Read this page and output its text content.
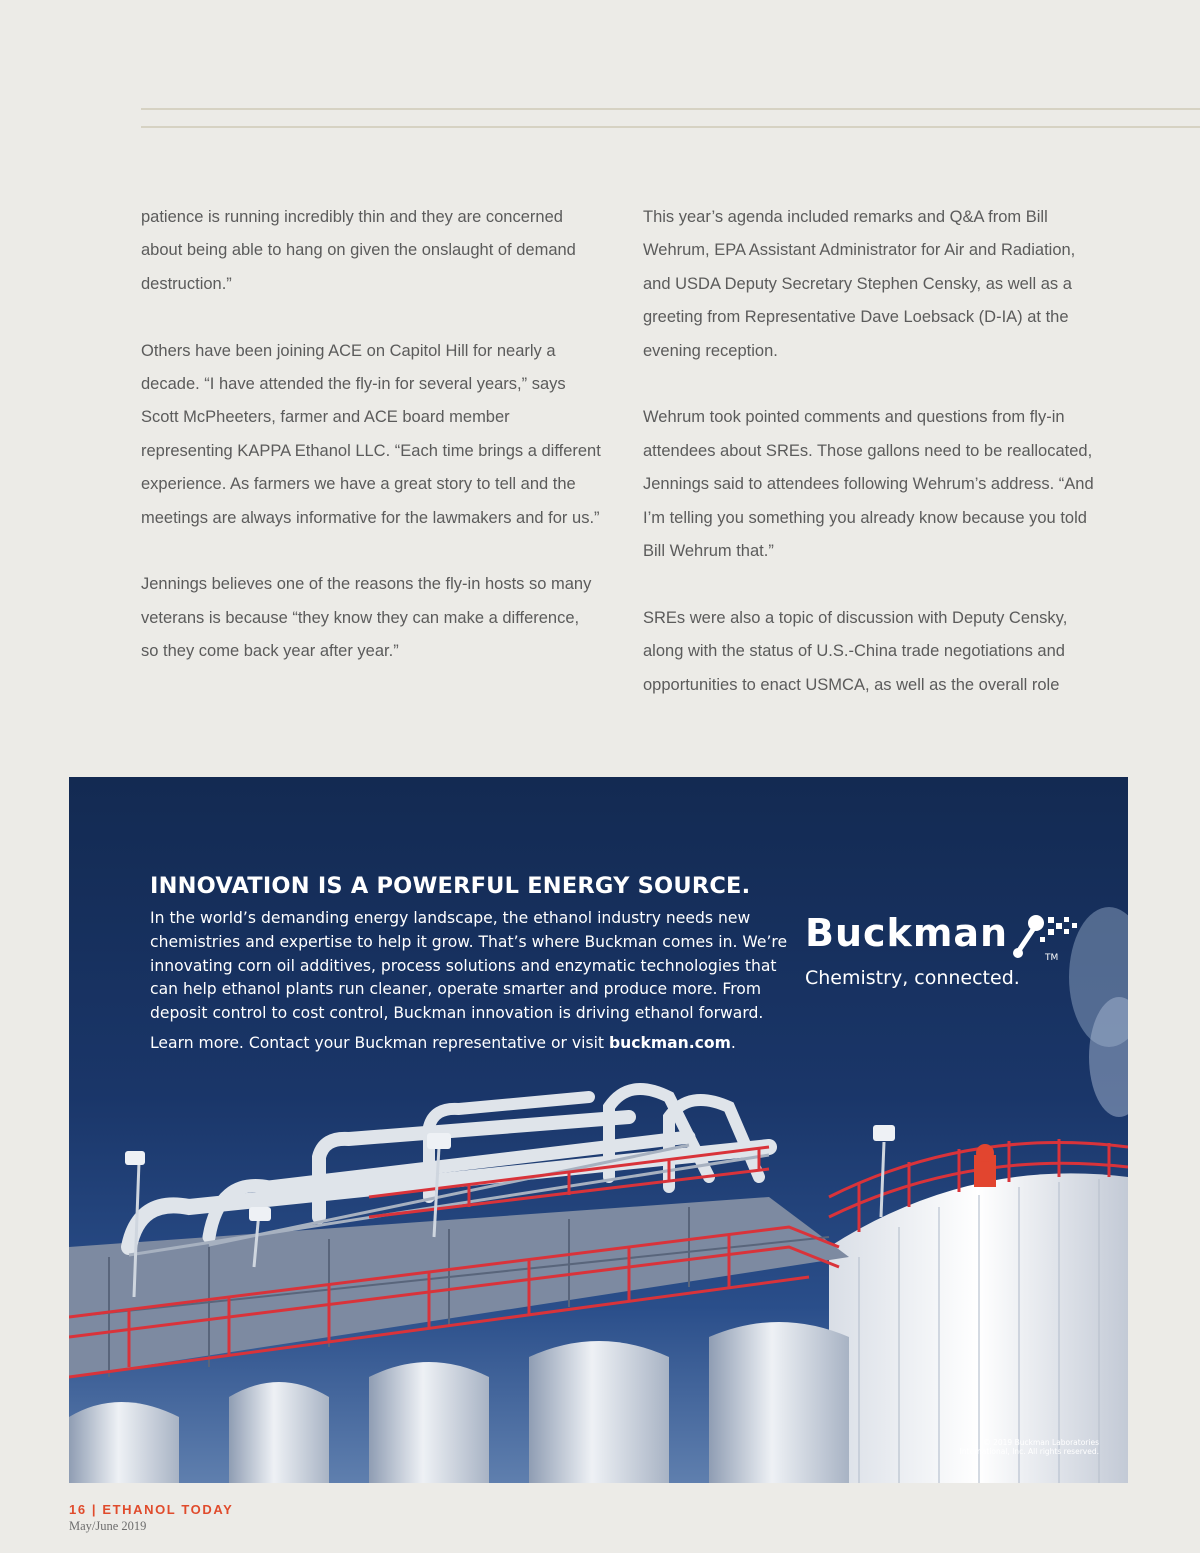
patience is running incredibly thin and they are concerned about being able to hang on given the onslaught of demand destruction.”

Others have been joining ACE on Capitol Hill for nearly a decade. “I have attended the fly-in for several years,” says Scott McPheeters, farmer and ACE board member representing KAPPA Ethanol LLC. “Each time brings a different experience. As farmers we have a great story to tell and the meetings are always informative for the lawmakers and for us.”

Jennings believes one of the reasons the fly-in hosts so many veterans is because “they know they can make a difference, so they come back year after year.”

This year’s agenda included remarks and Q&A from Bill Wehrum, EPA Assistant Administrator for Air and Radiation, and USDA Deputy Secretary Stephen Censky, as well as a greeting from Representative Dave Loebsack (D-IA) at the evening reception.

Wehrum took pointed comments and questions from fly-in attendees about SREs. Those gallons need to be reallocated, Jennings said to attendees following Wehrum’s address. “And I’m telling you something you already know because you told Bill Wehrum that.”

SREs were also a topic of discussion with Deputy Censky, along with the status of U.S.-China trade negotiations and opportunities to enact USMCA, as well as the overall role

INNOVATION IS A POWERFUL ENERGY SOURCE.

In the world’s demanding energy landscape, the ethanol industry needs new chemistries and expertise to help it grow. That’s where Buckman comes in. We’re innovating corn oil additives, process solutions and enzymatic technologies that can help ethanol plants run cleaner, operate smarter and produce more. From deposit control to cost control, Buckman innovation is driving ethanol forward.

Learn more. Contact your Buckman representative or visit buckman.com.

Buckman
TM
Chemistry, connected.
© 2019 Buckman Laboratories
International, Inc. All rights reserved.
16 | ETHANOL TODAY
May/June 2019
